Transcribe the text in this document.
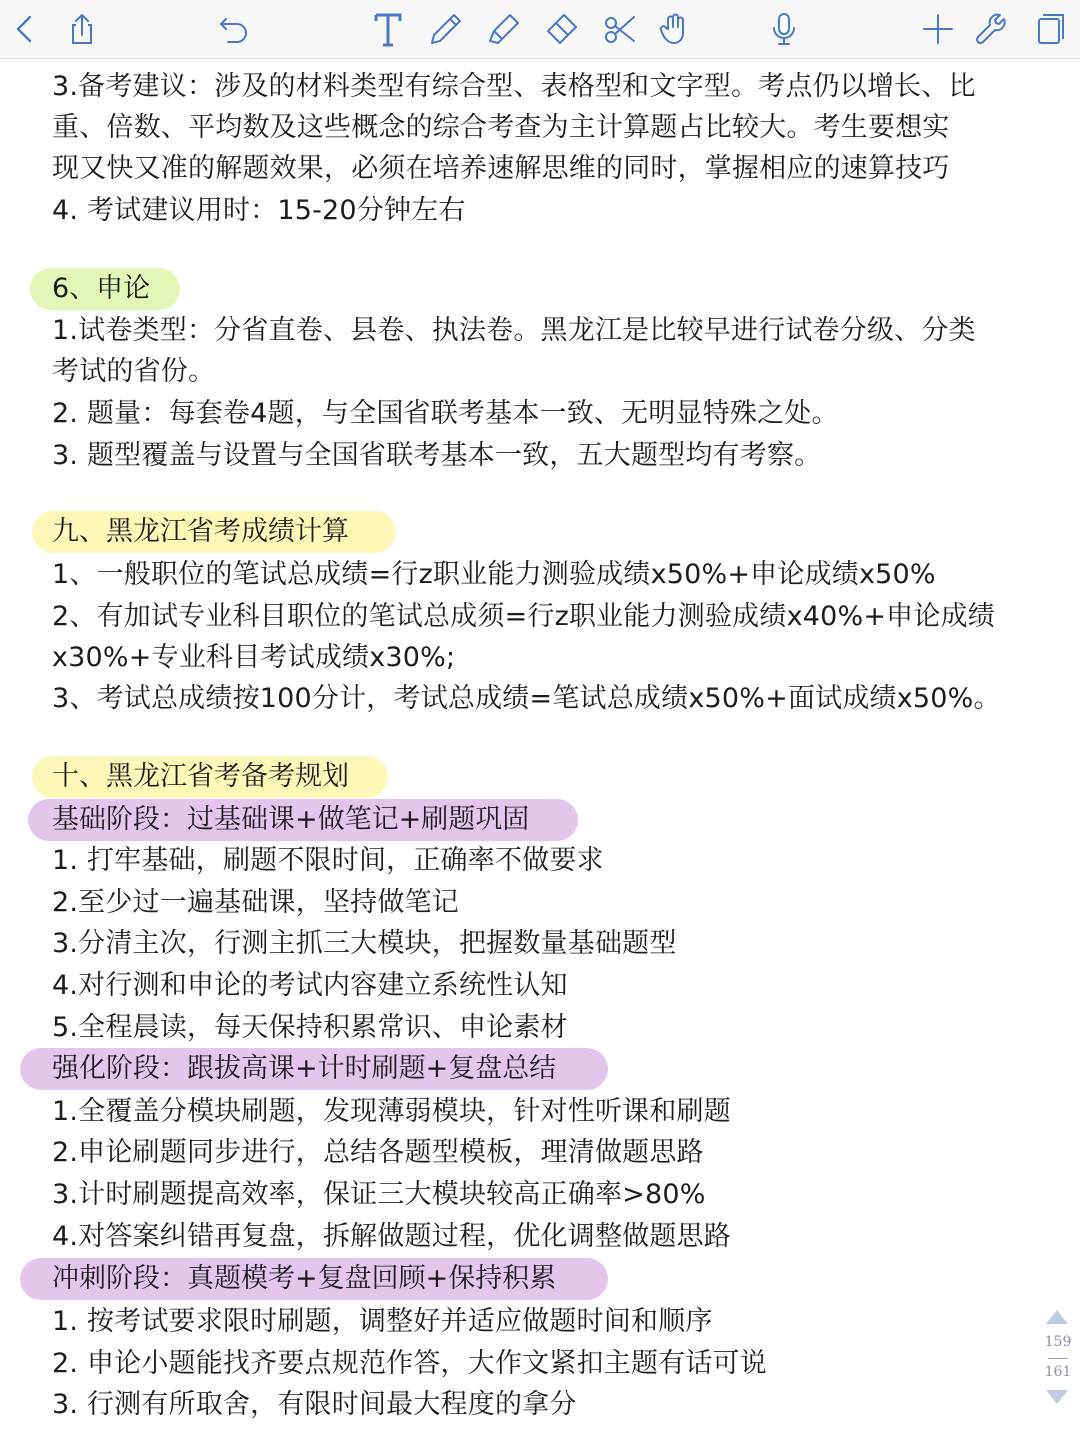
3.备考建议：涉及的材料类型有综合型、表格型和文字型。考点仍以增长、比
重、倍数、平均数及这些概念的综合考查为主计算题占比较大。考生要想实
现又快又准的解题效果，必须在培养速解思维的同时，掌握相应的速算技巧
4. 考试建议用时：15-20分钟左右
6、申论
1.试卷类型：分省直卷、县卷、执法卷。黑龙江是比较早进行试卷分级、分类
考试的省份。
2. 题量：每套卷4题，与全国省联考基本一致、无明显特殊之处。
3. 题型覆盖与设置与全国省联考基本一致，五大题型均有考察。
九、黑龙江省考成绩计算
1、一般职位的笔试总成绩=行z职业能力测验成绩x50%+申论成绩x50%
2、有加试专业科目职位的笔试总成须=行z职业能力测验成绩x40%+申论成绩
x30%+专业科目考试成绩x30%;
3、考试总成绩按100分计，考试总成绩=笔试总成绩x50%+面试成绩x50%。
十、黑龙江省考备考规划
基础阶段：过基础课+做笔记+刷题巩固
1. 打牢基础，刷题不限时间，正确率不做要求
2.至少过一遍基础课，坚持做笔记
3.分清主次，行测主抓三大模块，把握数量基础题型
4.对行测和申论的考试内容建立系统性认知
5.全程晨读，每天保持积累常识、申论素材
强化阶段：跟拔高课+计时刷题+复盘总结
1.全覆盖分模块刷题，发现薄弱模块，针对性听课和刷题
2.申论刷题同步进行，总结各题型模板，理清做题思路
3.计时刷题提高效率，保证三大模块较高正确率>80%
4.对答案纠错再复盘，拆解做题过程，优化调整做题思路
冲刺阶段：真题模考+复盘回顾+保持积累
1. 按考试要求限时刷题，调整好并适应做题时间和顺序
2. 申论小题能找齐要点规范作答，大作文紧扣主题有话可说
3. 行测有所取舍，有限时间最大程度的拿分
159
161
